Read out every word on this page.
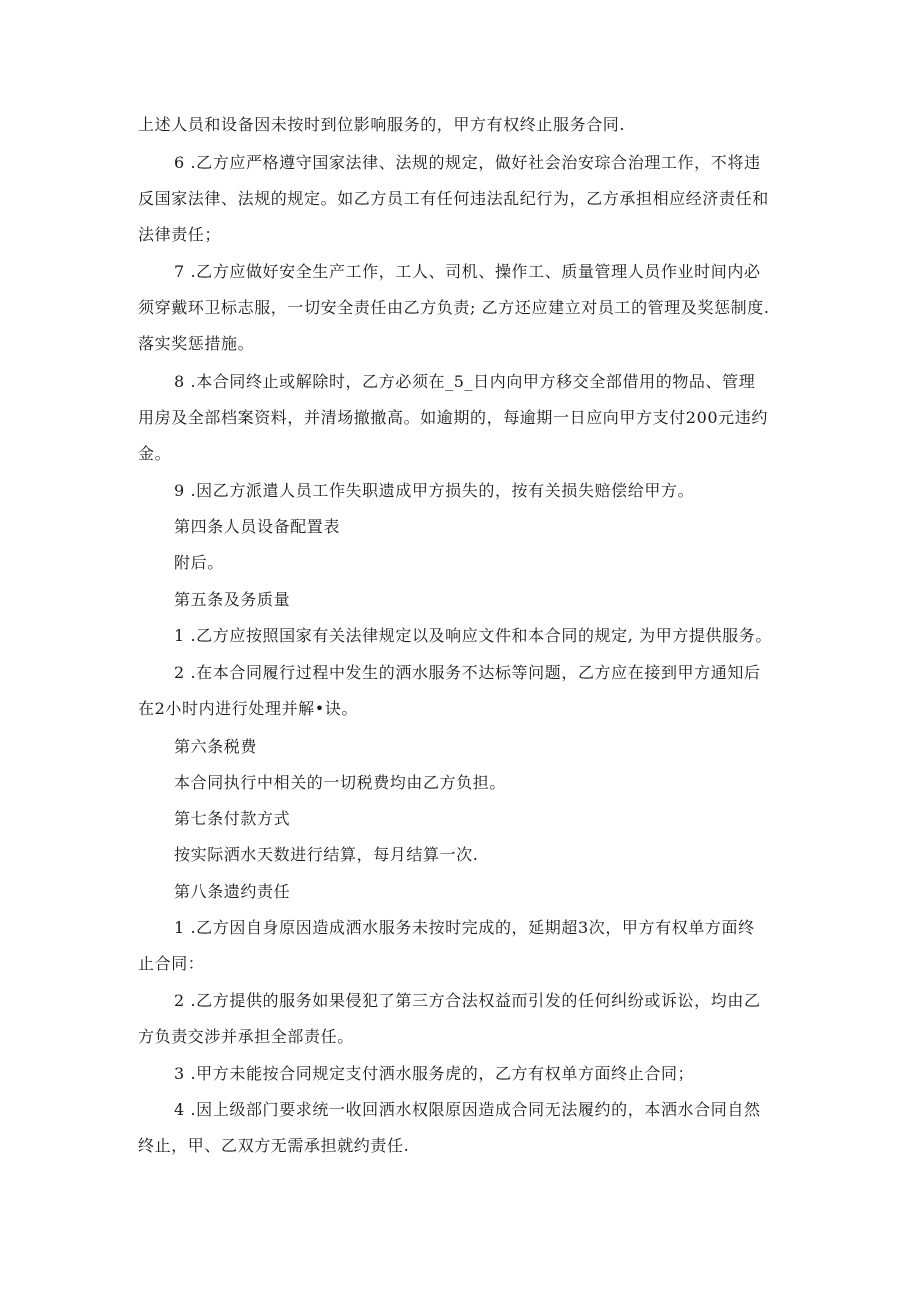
上述人员和设备因未按时到位影响服务的，甲方有权终止服务合同.
6 .乙方应严格遵守国家法律、法规的规定，做好社会治安琮合治理工作，不将违
反国家法律、法规的规定。如乙方员工有任何违法乱纪行为，乙方承担相应经济责任和
法律责任；
7 .乙方应做好安全生产工作，工人、司机、操作工、质量管理人员作业时间内必
须穿戴环卫标志服，一切安全责任由乙方负责; 乙方还应建立对员工的管理及奖惩制度.
落实奖惩措施。
8 .本合同终止或解除时，乙方必须在_5_日内向甲方移交全部借用的物品、管理
用房及全部档案资料，并清场撤撤高。如逾期的，每逾期一日应向甲方支付200元违约
金。
9 .因乙方派遣人员工作失职遗成甲方损失的，按有关损失赔偿给甲方。
第四条人员设备配置表
附后。
第五条及务质量
1 .乙方应按照国家有关法律规定以及响应文件和本合同的规定, 为甲方提供服务。
2 .在本合同履行过程中发生的洒水服务不达标等问题，乙方应在接到甲方通知后
在2小时内进行处理并解•诀。
第六条税费
本合同执行中相关的一切税费均由乙方负担。
第七条付款方式
按实际洒水天数进行结算，每月结算一次.
第八条遗约责任
1 .乙方因自身原因造成洒水服务未按时完成的，延期超3次，甲方有权单方面终
止合同：
2 .乙方提供的服务如果侵犯了第三方合法权益而引发的任何纠纷或诉讼，均由乙
方负责交涉并承担全部责任。
3 .甲方未能按合同规定支付洒水服务虎的，乙方有权单方面终止合同；
4 .因上级部门要求统一收回洒水权限原因造成合同无法履约的，本洒水合同自然
终止，甲、乙双方无需承担就约责任.
